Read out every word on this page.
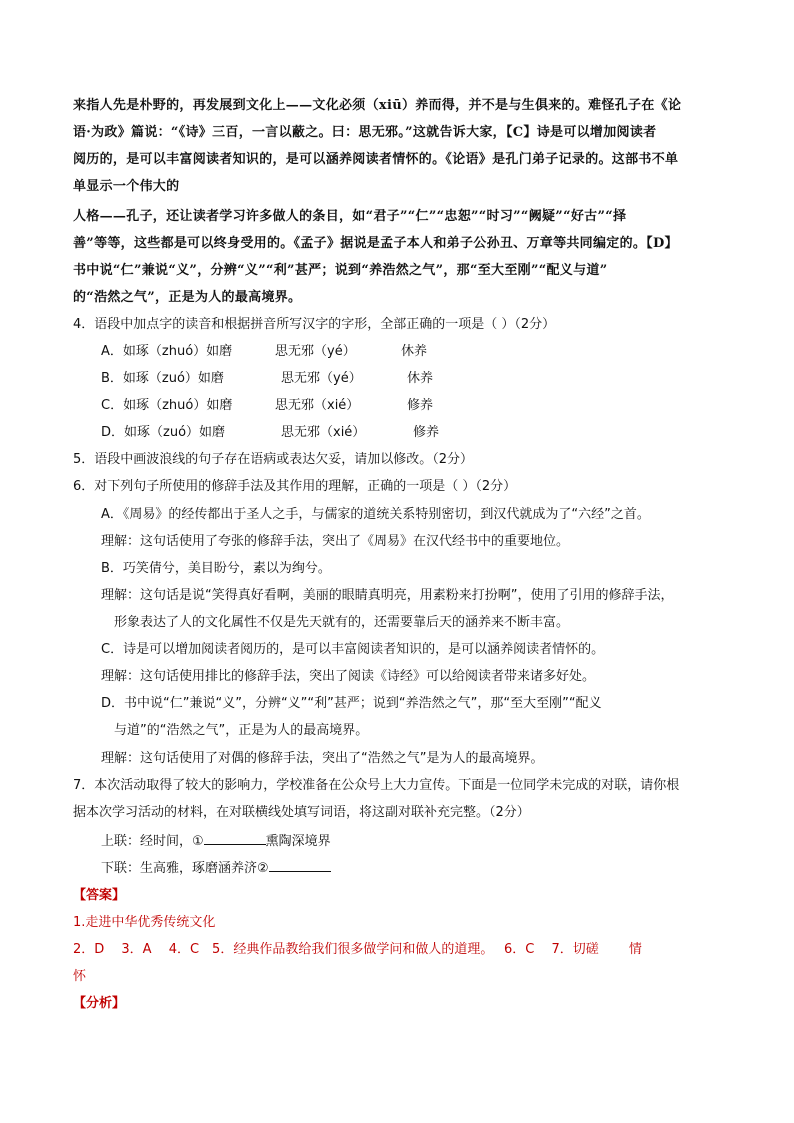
来指人先是朴野的，再发展到文化上——文化必须（xiū）养而得，并不是与生俱来的。难怪孔子在《论
语·为政》篇说：“《诗》三百，一言以蔽之。曰：思无邪。”这就告诉大家，【C】诗是可以增加阅读者
阅历的，是可以丰富阅读者知识的，是可以涵养阅读者情怀的。《论语》是孔门弟子记录的。这部书不单
单显示一个伟大的
人格——孔子，还让读者学习许多做人的条目，如“君子”“仁”“忠恕”“时习”“阙疑”“好古”“择
善”等等，这些都是可以终身受用的。《孟子》据说是孟子本人和弟子公孙丑、万章等共同编定的。【D】
书中说“仁”兼说“义”，分辨“义”“利”甚严；说到“养浩然之气”，那“至大至刚”“配义与道”
的“浩然之气”，正是为人的最高境界。
4．语段中加点字的读音和根据拼音所写汉字的字形，全部正确的一项是（ ）（2分）
A．如琢（zhuó）如磨	思无邪（yé）	休养
B．如琢（zuó）如磨	思无邪（yé）	休养
C．如琢（zhuó）如磨	思无邪（xié）	修养
D．如琢（zuó）如磨	思无邪（xié）	修养
5．语段中画波浪线的句子存在语病或表达欠妥，请加以修改。（2分）
6．对下列句子所使用的修辞手法及其作用的理解，正确的一项是（ ）（2分）
A．《周易》的经传都出于圣人之手，与儒家的道统关系特别密切，到汉代就成为了“六经”之首。
理解：这句话使用了夸张的修辞手法，突出了《周易》在汉代经书中的重要地位。
B．巧笑倩兮，美目盼兮，素以为绚兮。
理解：这句话是说“笑得真好看啊，美丽的眼睛真明亮，用素粉来打扮啊”，使用了引用的修辞手法，
形象表达了人的文化属性不仅是先天就有的，还需要靠后天的涵养来不断丰富。
C．诗是可以增加阅读者阅历的，是可以丰富阅读者知识的，是可以涵养阅读者情怀的。
理解：这句话使用排比的修辞手法，突出了阅读《诗经》可以给阅读者带来诸多好处。
D．书中说“仁”兼说“义”，分辨“义”“利”甚严；说到“养浩然之气”，那“至大至刚”“配义
与道”的“浩然之气”，正是为人的最高境界。
理解：这句话使用了对偶的修辞手法，突出了“浩然之气”是为人的最高境界。
7．本次活动取得了较大的影响力，学校准备在公众号上大力宣传。下面是一位同学未完成的对联，请你根
据本次学习活动的材料，在对联横线处填写词语，将这副对联补充完整。（2分）
上联：经时间，①	熏陶深境界
下联：生高雅，琢磨涵养济②
【答案】
1.走进中华优秀传统文化
2．D　 3．A　 4．C　5．经典作品教给我们很多做学问和做人的道理。　 6．C　 7．切磋　 　情
怀
【分析】
